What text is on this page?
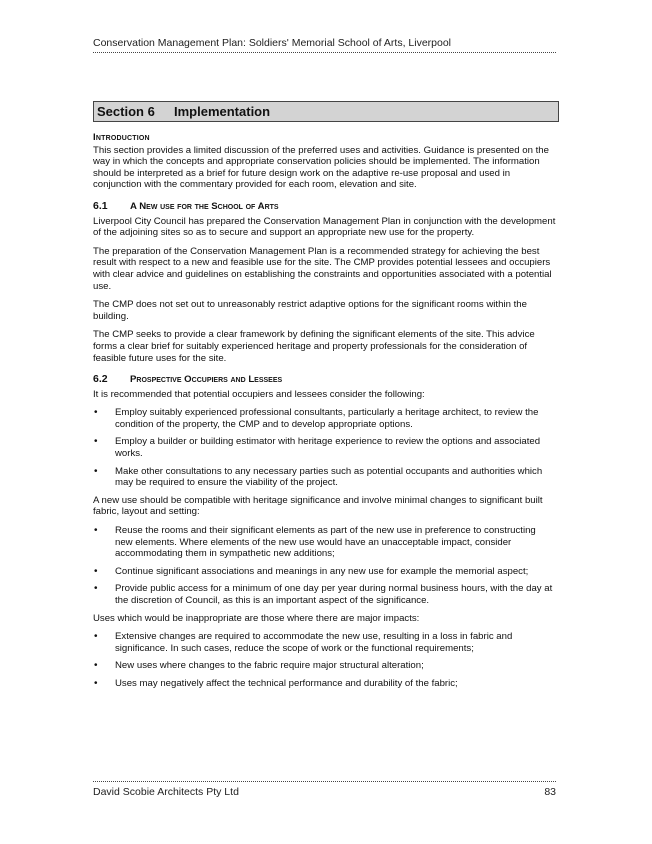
Conservation Management Plan: Soldiers' Memorial School of Arts, Liverpool
Section 6 Implementation
Introduction

This section provides a limited discussion of the preferred uses and activities. Guidance is presented on the way in which the concepts and appropriate conservation policies should be implemented. The information should be interpreted as a brief for future design work on the adaptive re-use proposal and used in conjunction with the commentary provided for each room, elevation and site.

6.1 A New use for the School of Arts

Liverpool City Council has prepared the Conservation Management Plan in conjunction with the development of the adjoining sites so as to secure and support an appropriate new use for the property.

The preparation of the Conservation Management Plan is a recommended strategy for achieving the best result with respect to a new and feasible use for the site. The CMP provides potential lessees and occupiers with clear advice and guidelines on establishing the constraints and opportunities associated with a potential use.

The CMP does not set out to unreasonably restrict adaptive options for the significant rooms within the building.

The CMP seeks to provide a clear framework by defining the significant elements of the site. This advice forms a clear brief for suitably experienced heritage and property professionals for the consideration of feasible future uses for the site.

6.2 Prospective Occupiers and Lessees

It is recommended that potential occupiers and lessees consider the following:

• Employ suitably experienced professional consultants, particularly a heritage architect, to review the condition of the property, the CMP and to develop appropriate options.
• Employ a builder or building estimator with heritage experience to review the options and associated works.
• Make other consultations to any necessary parties such as potential occupants and authorities which may be required to ensure the viability of the project.

A new use should be compatible with heritage significance and involve minimal changes to significant built fabric, layout and setting:

• Reuse the rooms and their significant elements as part of the new use in preference to constructing new elements. Where elements of the new use would have an unacceptable impact, consider accommodating them in sympathetic new additions;
• Continue significant associations and meanings in any new use for example the memorial aspect;
• Provide public access for a minimum of one day per year during normal business hours, with the day at the discretion of Council, as this is an important aspect of the significance.

Uses which would be inappropriate are those where there are major impacts:

• Extensive changes are required to accommodate the new use, resulting in a loss in fabric and significance. In such cases, reduce the scope of work or the functional requirements;
• New uses where changes to the fabric require major structural alteration;
• Uses may negatively affect the technical performance and durability of the fabric;
David Scobie Architects Pty Ltd	83
